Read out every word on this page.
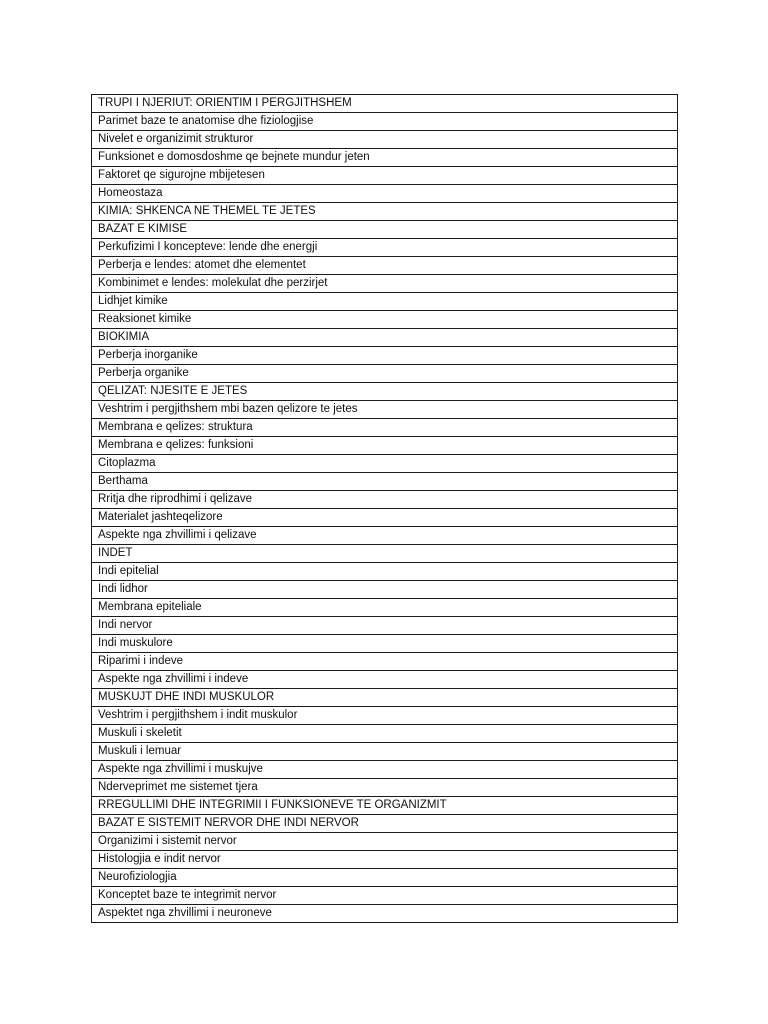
TRUPI I NJERIUT: ORIENTIM I PERGJITHSHEM
Parimet baze te anatomise dhe fiziologjise
Nivelet e organizimit strukturor
Funksionet e domosdoshme qe bejnete mundur jeten
Faktoret qe sigurojne mbijetesen
Homeostaza
KIMIA: SHKENCA NE THEMEL TE JETES
BAZAT E KIMISE
Perkufizimi I koncepteve: lende dhe energji
Perberja e lendes: atomet dhe elementet
Kombinimet e lendes: molekulat dhe perzirjet
Lidhjet kimike
Reaksionet kimike
BIOKIMIA
Perberja inorganike
Perberja organike
QELIZAT: NJESITE E JETES
Veshtrim i pergjithshem mbi bazen qelizore te jetes
Membrana e qelizes: struktura
Membrana e qelizes: funksioni
Citoplazma
Berthama
Rritja dhe riprodhimi i qelizave
Materialet jashteqelizore
Aspekte nga zhvillimi i qelizave
INDET
Indi epitelial
Indi lidhor
Membrana epiteliale
Indi nervor
Indi muskulore
Riparimi i indeve
Aspekte nga zhvillimi i indeve
MUSKUJT DHE INDI MUSKULOR
Veshtrim i pergjithshem i indit muskulor
Muskuli i skeletit
Muskuli i lemuar
Aspekte nga zhvillimi i muskujve
Nderveprimet me sistemet tjera
RREGULLIMI DHE INTEGRIMII I FUNKSIONEVE TE ORGANIZMIT
BAZAT E SISTEMIT NERVOR DHE INDI NERVOR
Organizimi i sistemit nervor
Histologjia e indit nervor
Neurofiziologjia
Konceptet baze te integrimit nervor
Aspektet nga zhvillimi i neuroneve
